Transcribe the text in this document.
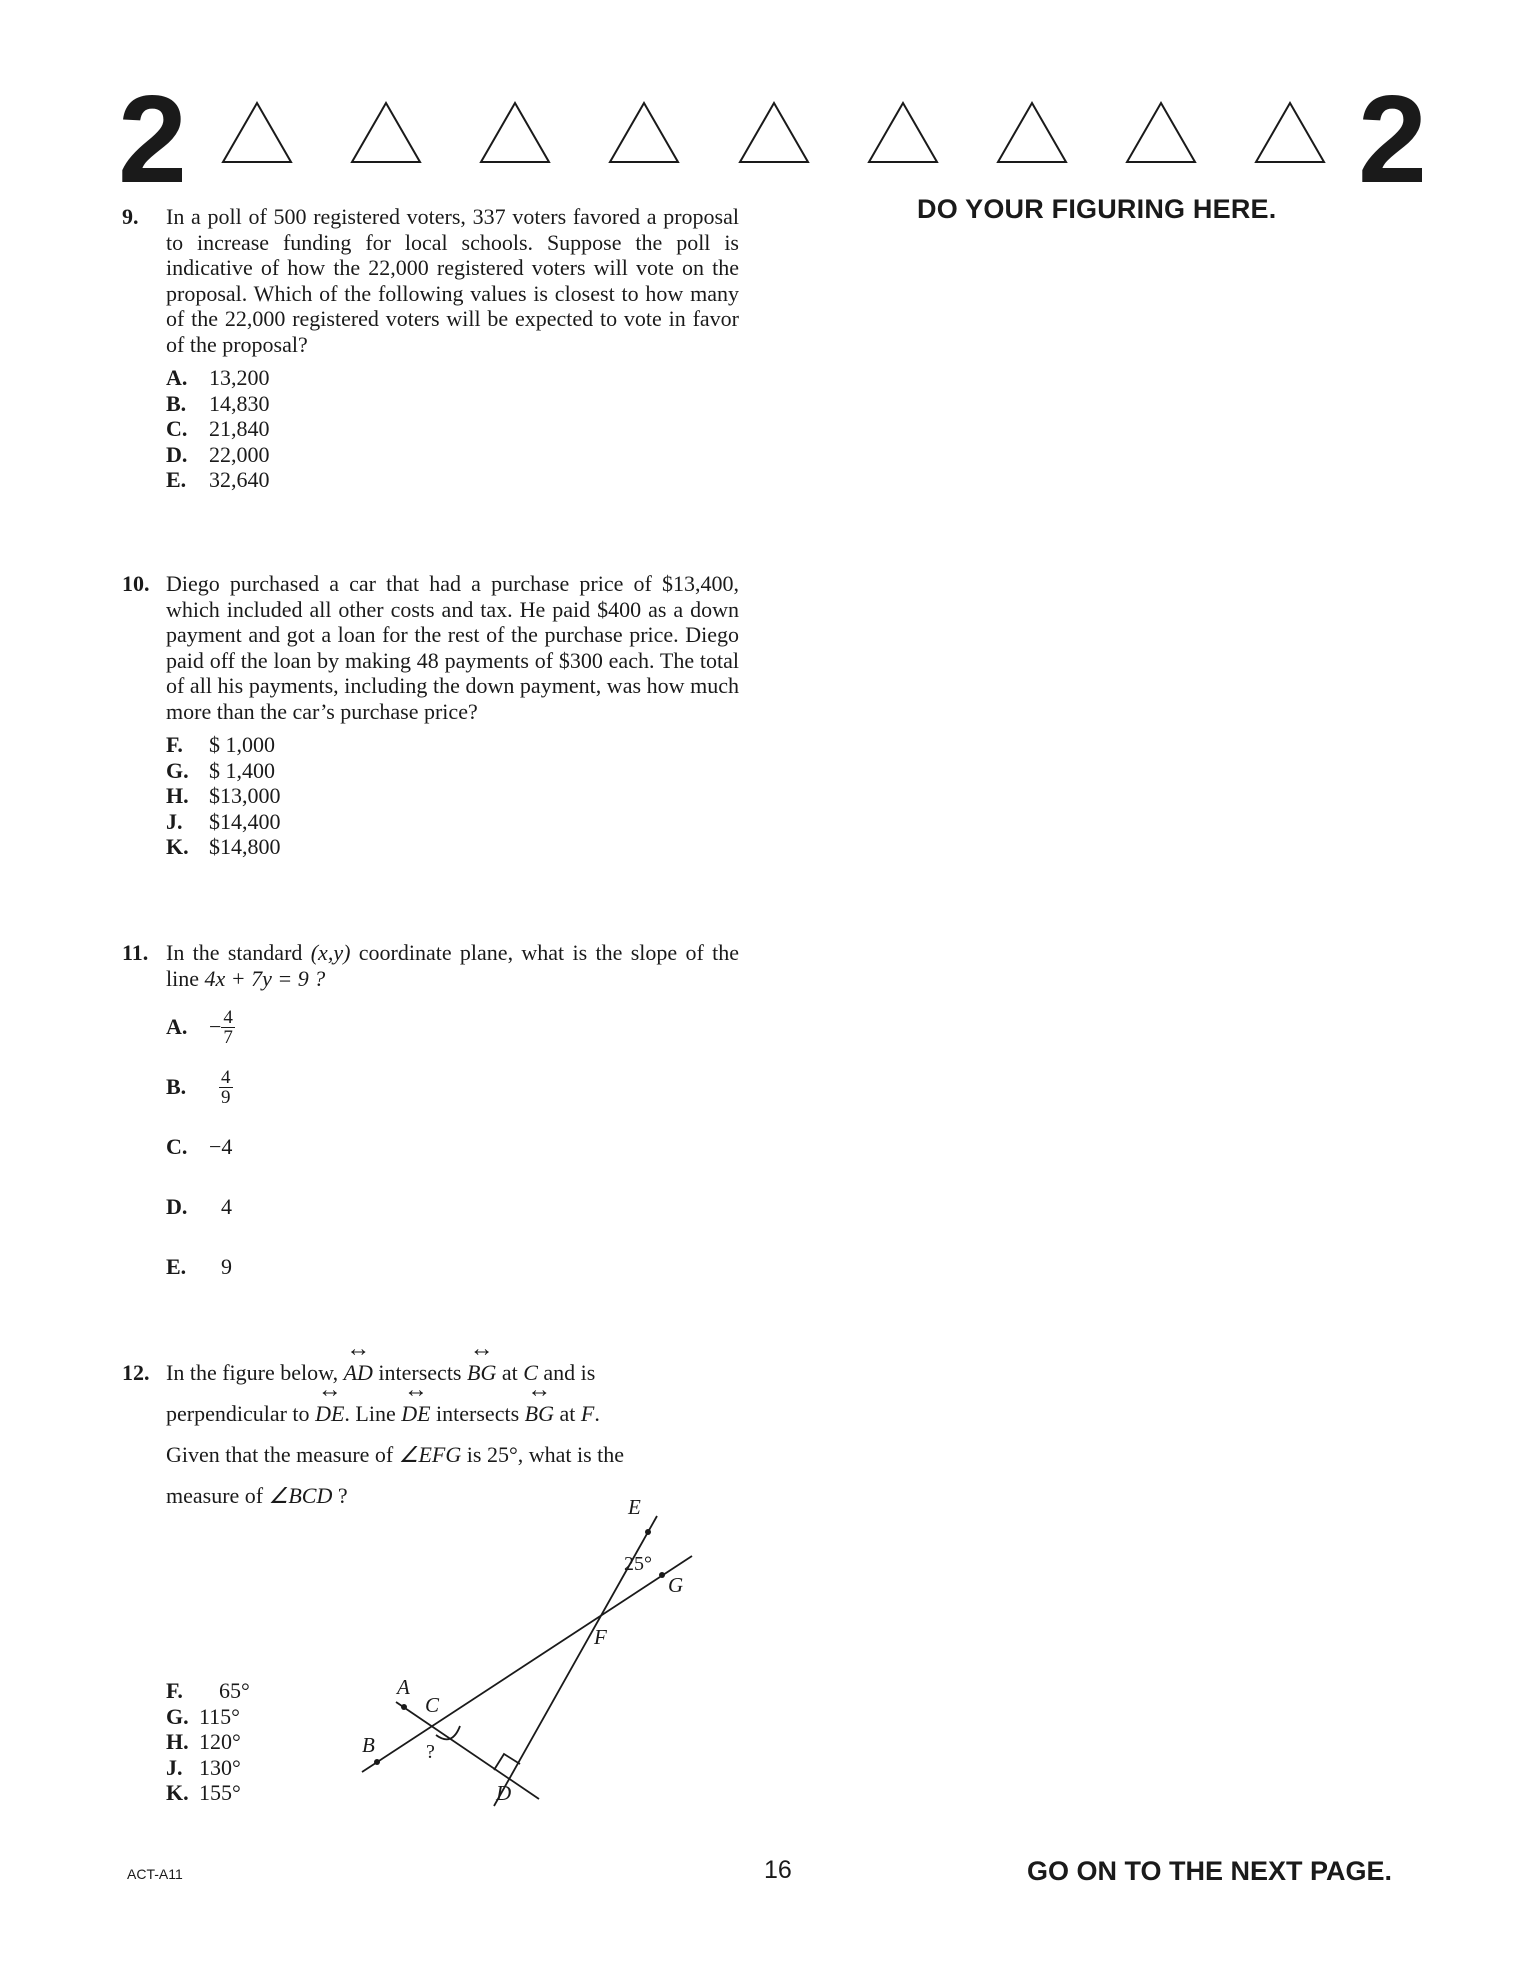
2	2
DO YOUR FIGURING HERE.
9. In a poll of 500 registered voters, 337 voters favored a proposal to increase funding for local schools. Suppose the poll is indicative of how the 22,000 registered voters will vote on the proposal. Which of the following values is closest to how many of the 22,000 registered voters will be expected to vote in favor of the proposal?

A. 13,200
B. 14,830
C. 21,840
D. 22,000
E. 32,640
10. Diego purchased a car that had a purchase price of $13,400, which included all other costs and tax. He paid $400 as a down payment and got a loan for the rest of the purchase price. Diego paid off the loan by making 48 payments of $300 each. The total of all his payments, including the down payment, was how much more than the car’s purchase price?

F. $ 1,000
G. $ 1,400
H. $13,000
J. $14,400
K. $14,800
11. In the standard (x,y) coordinate plane, what is the slope of the line 4x + 7y = 9 ?

A. − $\frac{4}{7}$
B.	$\frac{4}{9}$
C. −4
D.	4
E.	9
12. In the figure below, ↔ AD intersects ↔ BG at C and is

perpendicular to ↔ DE. Line ↔ DE intersects ↔ BG at F.

Given that the measure of ∠EFG is 25°, what is the

measure of ∠BCD ?

F. 65°
G. 115°
H. 120°
J. 130°
K. 155°
E
G
F
A
C
B
D
25°
?
ACT-A11	16	GO ON TO THE NEXT PAGE.
